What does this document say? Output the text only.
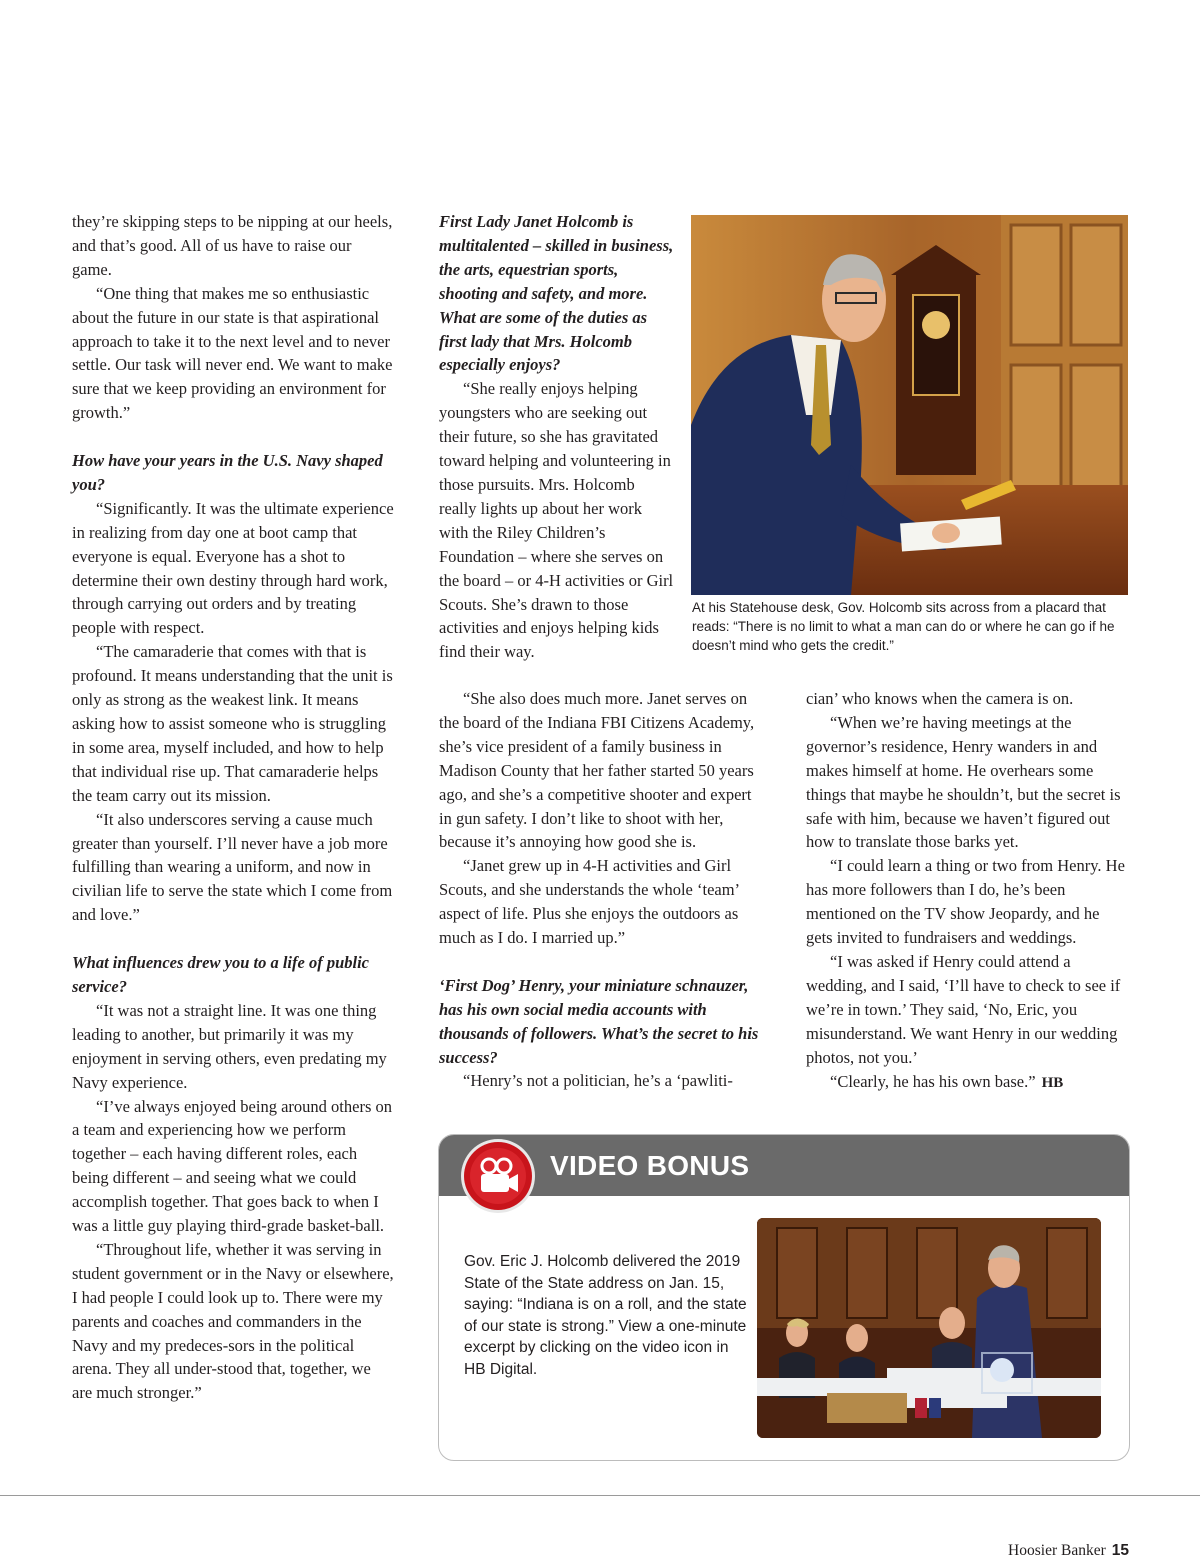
they’re skipping steps to be nipping at our heels, and that’s good. All of us have to raise our game.

“One thing that makes me so enthusiastic about the future in our state is that aspirational approach to take it to the next level and to never settle. Our task will never end. We want to make sure that we keep providing an environment for growth.”

How have your years in the U.S. Navy shaped you?

“Significantly. It was the ultimate experience in realizing from day one at boot camp that everyone is equal. Everyone has a shot to determine their own destiny through hard work, through carrying out orders and by treating people with respect.

“The camaraderie that comes with that is profound. It means understanding that the unit is only as strong as the weakest link. It means asking how to assist someone who is struggling in some area, myself included, and how to help that individual rise up. That camaraderie helps the team carry out its mission.

“It also underscores serving a cause much greater than yourself. I’ll never have a job more fulfilling than wearing a uniform, and now in civilian life to serve the state which I come from and love.”

What influences drew you to a life of public service?

“It was not a straight line. It was one thing leading to another, but primarily it was my enjoyment in serving others, even predating my Navy experience.

“I’ve always enjoyed being around others on a team and experiencing how we perform together – each having different roles, each being different – and seeing what we could accomplish together. That goes back to when I was a little guy playing third-grade basket-ball.

“Throughout life, whether it was serving in student government or in the Navy or elsewhere, I had people I could look up to. There were my parents and coaches and commanders in the Navy and my predeces-sors in the political arena. They all under-stood that, together, we are much stronger.”

First Lady Janet Holcomb is multitalented – skilled in business, the arts, equestrian sports, shooting and safety, and more. What are some of the duties as first lady that Mrs. Holcomb especially enjoys?

“She really enjoys helping youngsters who are seeking out their future, so she has gravitated toward helping and volunteering in those pursuits. Mrs. Holcomb really lights up about her work with the Riley Children’s Foundation – where she serves on the board – or 4-H activities or Girl Scouts. She’s drawn to those activities and enjoys helping kids find their way.

“She also does much more. Janet serves on the board of the Indiana FBI Citizens Academy, she’s vice president of a family business in Madison County that her father started 50 years ago, and she’s a competitive shooter and expert in gun safety. I don’t like to shoot with her, because it’s annoying how good she is.

“Janet grew up in 4-H activities and Girl Scouts, and she understands the whole ‘team’ aspect of life. Plus she enjoys the outdoors as much as I do. I married up.”

‘First Dog’ Henry, your miniature schnauzer, has his own social media accounts with thousands of followers. What’s the secret to his success?

“Henry’s not a politician, he’s a ‘pawliti-

cian’ who knows when the camera is on.

“When we’re having meetings at the governor’s residence, Henry wanders in and makes himself at home. He overhears some things that maybe he shouldn’t, but the secret is safe with him, because we haven’t figured out how to translate those barks yet.

“I could learn a thing or two from Henry. He has more followers than I do, he’s been mentioned on the TV show Jeopardy, and he gets invited to fundraisers and weddings.

“I was asked if Henry could attend a wedding, and I said, ‘I’ll have to check to see if we’re in town.’ They said, ‘No, Eric, you misunderstand. We want Henry in our wedding photos, not you.’

“Clearly, he has his own base.” HB

At his Statehouse desk, Gov. Holcomb sits across from a placard that reads: “There is no limit to what a man can do or where he can go if he doesn’t mind who gets the credit.”
VIDEO BONUS
Gov. Eric J. Holcomb delivered the 2019 State of the State address on Jan. 15, saying: “Indiana is on a roll, and the state of our state is strong.” View a one-minute excerpt by clicking on the video icon in HB Digital.
Hoosier Banker 15
